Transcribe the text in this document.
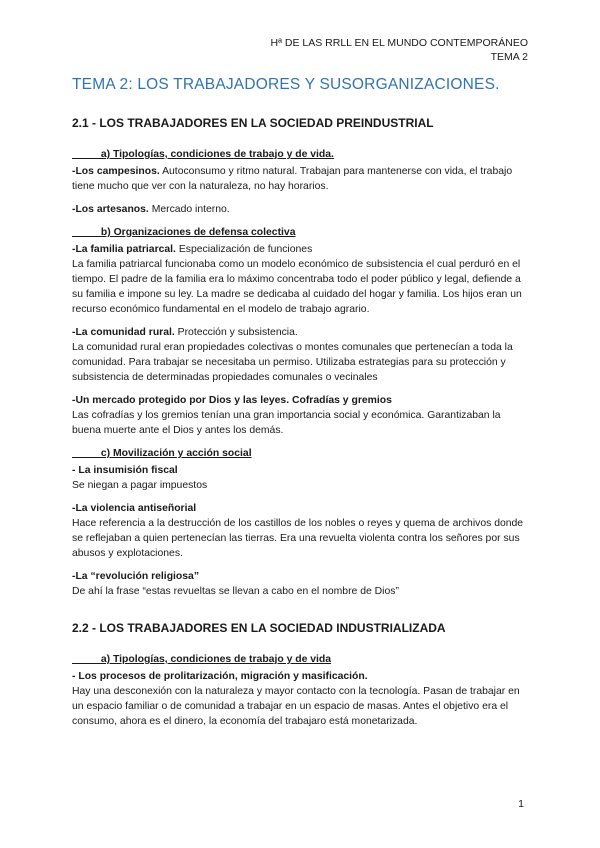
Hª DE LAS RRLL EN EL MUNDO CONTEMPORÁNEO
TEMA 2
TEMA 2: LOS TRABAJADORES Y SUSORGANIZACIONES.
2.1 - LOS TRABAJADORES EN LA SOCIEDAD PREINDUSTRIAL
a) Tipologías, condiciones de trabajo y de vida.

-Los campesinos. Autoconsumo y ritmo natural. Trabajan para mantenerse con vida, el trabajo tiene mucho que ver con la naturaleza, no hay horarios.

-Los artesanos. Mercado interno.

b) Organizaciones de defensa colectiva

-La familia patriarcal. Especialización de funciones

La familia patriarcal funcionaba como un modelo económico de subsistencia el cual perduró en el tiempo. El padre de la familia era lo máximo concentraba todo el poder público y legal, defiende a su familia e impone su ley. La madre se dedicaba al cuidado del hogar y familia. Los hijos eran un recurso económico fundamental en el modelo de trabajo agrario.

-La comunidad rural. Protección y subsistencia.

La comunidad rural eran propiedades colectivas o montes comunales que pertenecían a toda la comunidad. Para trabajar se necesitaba un permiso. Utilizaba estrategias para su protección y subsistencia de determinadas propiedades comunales o vecinales

-Un mercado protegido por Dios y las leyes. Cofradías y gremios

Las cofradías y los gremios tenían una gran importancia social y económica. Garantizaban la buena muerte ante el Dios y antes los demás.

c) Movilización y acción social

- La insumisión fiscal

Se niegan a pagar impuestos

-La violencia antiseñorial

Hace referencia a la destrucción de los castillos de los nobles o reyes y quema de archivos donde se reflejaban a quien pertenecían las tierras. Era una revuelta violenta contra los señores por sus abusos y explotaciones.

-La “revolución religiosa”

De ahí la frase “estas revueltas se llevan a cabo en el nombre de Dios”

2.2 - LOS TRABAJADORES EN LA SOCIEDAD INDUSTRIALIZADA
a) Tipologías, condiciones de trabajo y de vida

- Los procesos de prolitarización, migración y masificación.

Hay una desconexión con la naturaleza y mayor contacto con la tecnología. Pasan de trabajar en un espacio familiar o de comunidad a trabajar en un espacio de masas. Antes el objetivo era el consumo, ahora es el dinero, la economía del trabajaro está monetarizada.

1
